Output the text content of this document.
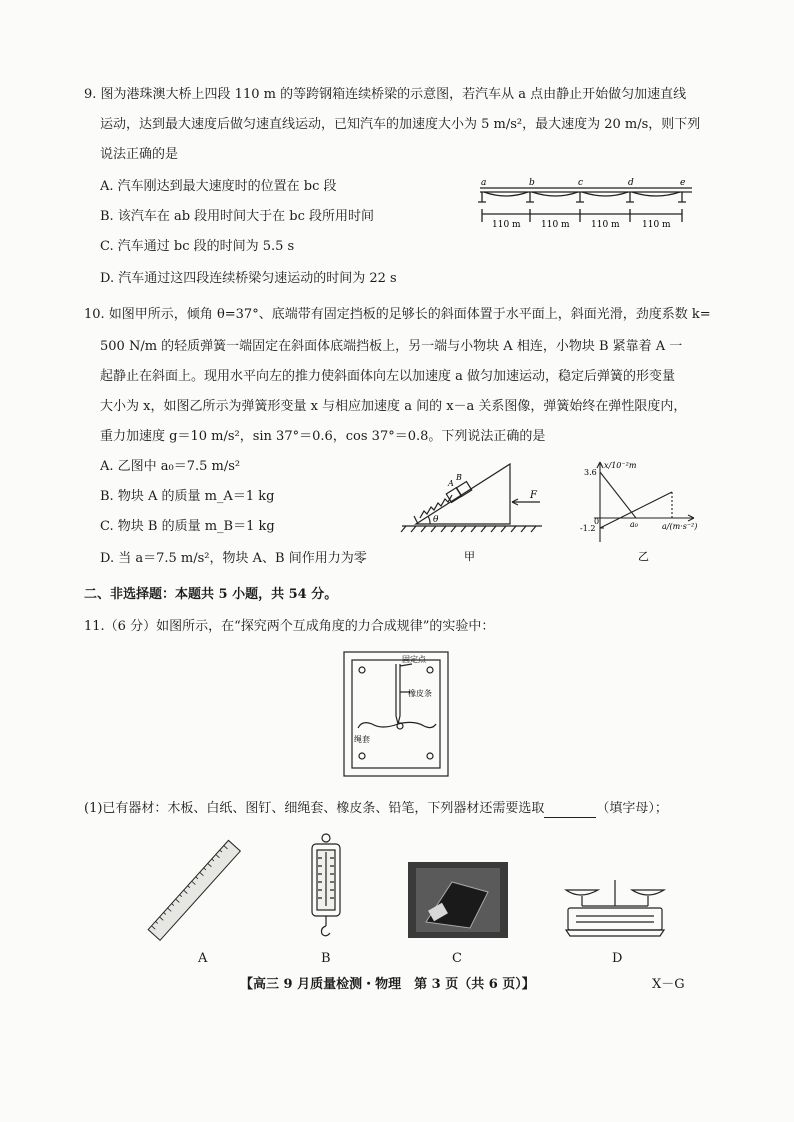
9. 图为港珠澳大桥上四段 110 m 的等跨钢箱连续桥梁的示意图，若汽车从 a 点由静止开始做匀加速直线
运动，达到最大速度后做匀速直线运动，已知汽车的加速度大小为 5 m/s²，最大速度为 20 m/s，则下列
说法正确的是
A. 汽车刚达到最大速度时的位置在 bc 段
B. 该汽车在 ab 段用时间大于在 bc 段所用时间
C. 汽车通过 bc 段的时间为 5.5 s
D. 汽车通过这四段连续桥梁匀速运动的时间为 22 s
a	b	c	d	e
110 m 110 m 110 m 110 m
10. 如图甲所示，倾角 θ=37°、底端带有固定挡板的足够长的斜面体置于水平面上，斜面光滑，劲度系数 k=
500 N/m 的轻质弹簧一端固定在斜面体底端挡板上，另一端与小物块 A 相连，小物块 B 紧靠着 A 一
起静止在斜面上。现用水平向左的推力使斜面体向左以加速度 a 做匀加速运动，稳定后弹簧的形变量
大小为 x，如图乙所示为弹簧形变量 x 与相应加速度 a 间的 x－a 关系图像，弹簧始终在弹性限度内，
重力加速度 g＝10 m/s²，sin 37°＝0.6，cos 37°＝0.8。下列说法正确的是
A. 乙图中 a₀＝7.5 m/s²
B. 物块 A 的质量 m_A＝1 kg
C. 物块 B 的质量 m_B＝1 kg
D. 当 a＝7.5 m/s²，物块 A、B 间作用力为零
A
B
F
θ
甲
x/10⁻²m
a/(m·s⁻²)
0
3.6
-1.2	a₀
乙
二、非选择题：本题共 5 小题，共 54 分。
11.（6 分）如图所示，在“探究两个互成角度的力合成规律”的实验中：
固定点
橡皮条
绳套
(1)已有器材：木板、白纸、图钉、细绳套、橡皮条、铅笔，下列器材还需要选取	（填字母）；
A	B	C	D
【高三 9 月质量检测・物理　第 3 页（共 6 页）】	X－G
